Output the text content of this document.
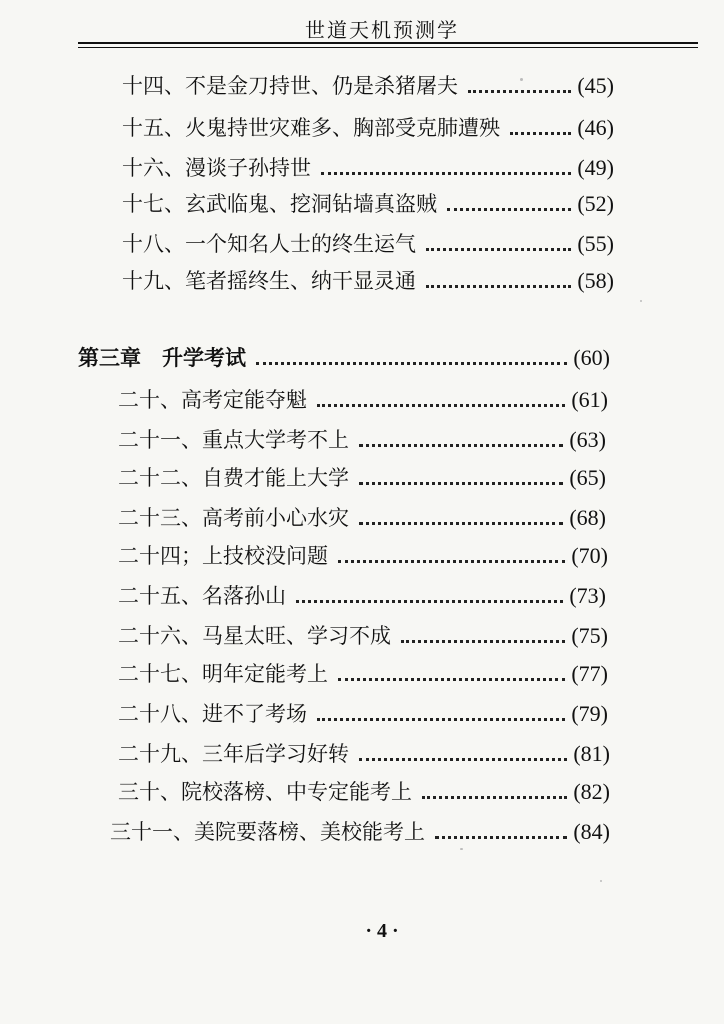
世道天机预测学
十四、不是金刀持世、仍是杀猪屠夫	(45)
十五、火鬼持世灾难多、胸部受克肺遭殃	(46)
十六、漫谈子孙持世	(49)
十七、玄武临鬼、挖洞钻墙真盗贼	(52)
十八、一个知名人士的终生运气	(55)
十九、笔者摇终生、纳干显灵通	(58)
第三章　升学考试	(60)
二十、高考定能夺魁	(61)
二十一、重点大学考不上	(63)
二十二、自费才能上大学	(65)
二十三、高考前小心水灾	(68)
二十四；上技校没问题	(70)
二十五、名落孙山	(73)
二十六、马星太旺、学习不成	(75)
二十七、明年定能考上	(77)
二十八、进不了考场	(79)
二十九、三年后学习好转	(81)
三十、院校落榜、中专定能考上	(82)
三十一、美院要落榜、美校能考上	(84)
· 4 ·
